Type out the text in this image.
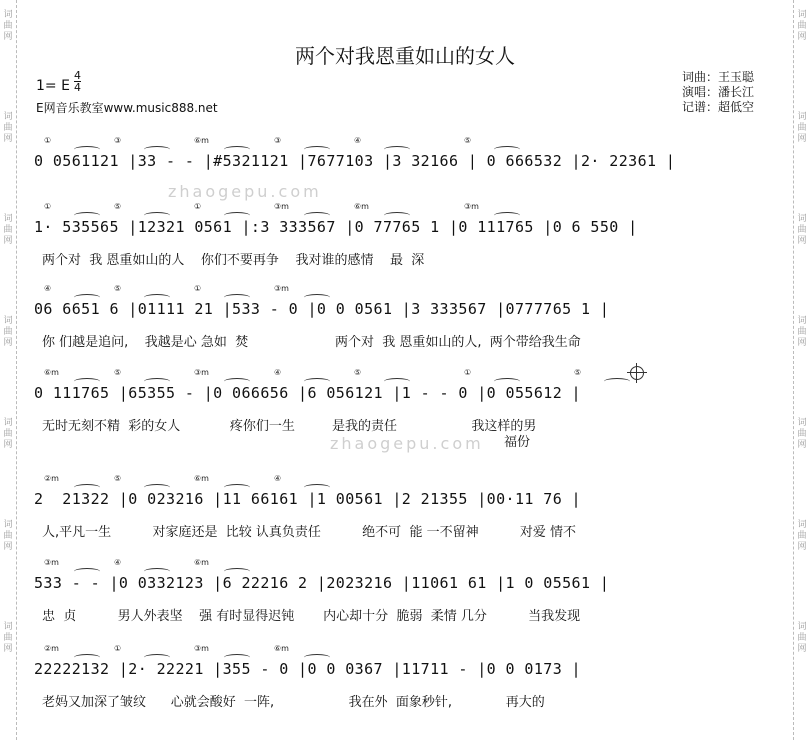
两个对我恩重如山的女人
1= E $\frac{4}{4}$
E网音乐教室www.music888.net
词曲：王玉聪
演唱：潘长江
记谱：超低空
zhaogepu.com
zhaogepu.com
0 0561121 |33 - - |#5321121 |7677103 |3 32166 | 0 666532 |2· 22361 |
①	③	⑥m	③	④	⑤
1· 535565 |12321 0561 |:3 333567 |0 77765 1 |0 111765 |0 6 550 |
①	⑤	①	③m	⑥m	③m
两个对  我 恩重如山的人    你们不要再争    我对谁的感情    最  深
06 6651 6 |01111 21 |533 - 0 |0 0 0561 |3 333567 |0777765 1 |
④	⑤	①	③m
你 们越是追问,    我越是心 急如  焚                     两个对  我 恩重如山的人,  两个带给我生命
0 111765 |65355 - |0 066656 |6 056121 |1 - - 0 |0 055612 |
⑥m	⑤	③m	④	⑤	①	⑤
无时无刻不精  彩的女人            疼你们一生         是我的责任                  我这样的男
福份
2  21322 |0 023216 |11 66161 |1 00561 |2 21355 |00·11 76 |
②m	⑤	⑥m	④
人,平凡一生          对家庭还是  比较 认真负责任          绝不可  能 一不留神          对爱 情不
533 - - |0 0332123 |6 22216 2 |2023216 |11061 61 |1 0 05561 |
③m	④	⑥m
忠  贞          男人外表坚    强 有时显得迟钝       内心却十分  脆弱  柔情 几分          当我发现
22222132 |2· 22221 |355 - 0 |0 0 0367 |11711 - |0 0 0173 |
②m	①	③m	⑥m
老妈又加深了皱纹      心就会酸好  一阵,                  我在外  面象秒针,             再大的
词
曲
网
词
曲
网
词
曲
网
词
曲
网
词
曲
网
词
曲
网
词
曲
网
词
曲
网
词
曲
网
词
曲
网
词
曲
网
词
曲
网
词
曲
网
词
曲
网
